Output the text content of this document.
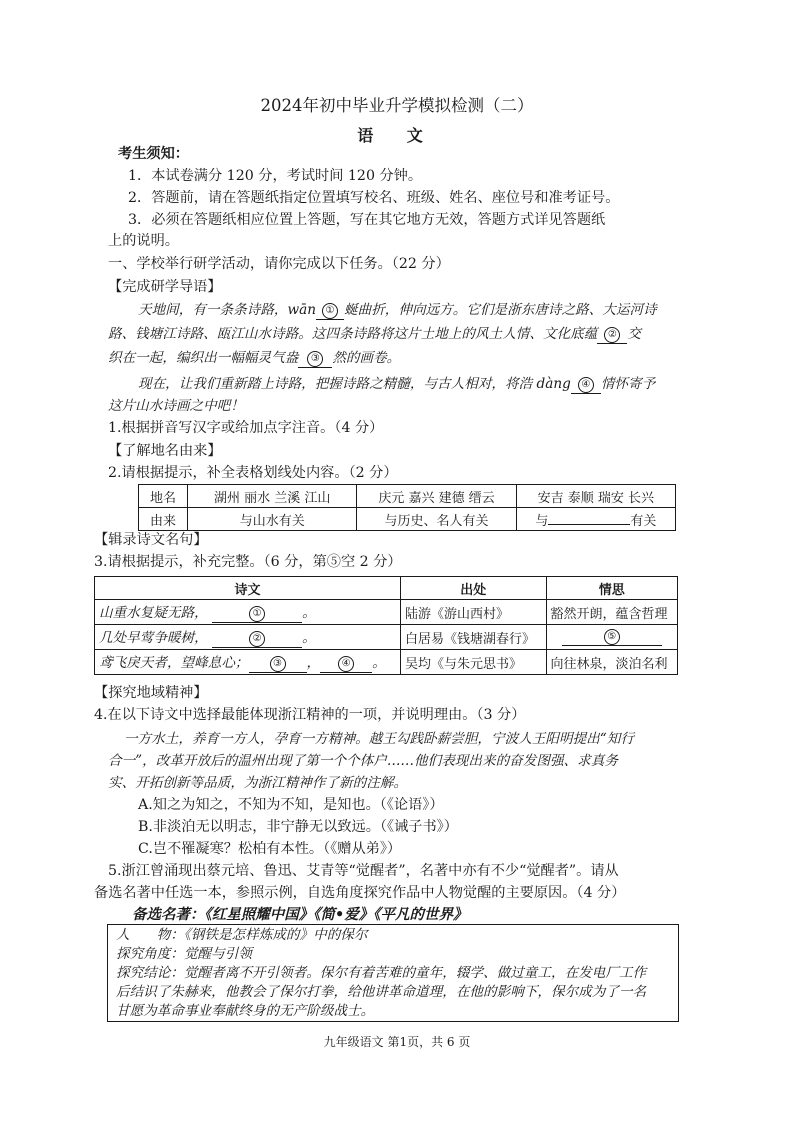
2024年初中毕业升学模拟检测（二）
语 文
考生须知：
1．本试卷满分 120 分，考试时间 120 分钟。
2．答题前，请在答题纸指定位置填写校名、班级、姓名、座位号和准考证号。
3．必须在答题纸相应位置上答题，写在其它地方无效，答题方式详见答题纸
上的说明。
一、学校举行研学活动，请你完成以下任务。（22 分）
【完成研学导语】
天地间，有一条条诗路，wān ① 蜒曲折，伸向远方。它们是浙东唐诗之路、大运河诗
路、钱塘江诗路、瓯江山水诗路。这四条诗路将这片土地上的风土人情、文化底蕴 ② 交
织在一起，编织出一幅幅灵气盎 ③ 然的画卷。
现在，让我们重新踏上诗路，把握诗路之精髓，与古人相对，将浩 dàng ④ 情怀寄予
这片山水诗画之中吧！
1.根据拼音写汉字或给加点字注音。（4 分）
【了解地名由来】
2.请根据提示，补全表格划线处内容。（2 分）
地名	湖州 丽水 兰溪 江山	庆元 嘉兴 建德 缙云	安吉 泰顺 瑞安 长兴
由来	与山水有关	与历史、名人有关	与 有关
【辑录诗文名句】
3.请根据提示，补充完整。（6 分，第⑤空 2 分）
诗文	出处	情思
山重水复疑无路， ① 。	陆游《游山西村》	豁然开朗，蕴含哲理
几处早莺争暖树， ② 。	白居易《钱塘湖春行》	⑤
鸢飞戾天者，望峰息心； ③ ， ④ 。	吴均《与朱元思书》	向往林泉，淡泊名利
【探究地域精神】
4.在以下诗文中选择最能体现浙江精神的一项，并说明理由。（3 分）
一方水土，养育一方人，孕育一方精神。越王勾践卧薪尝胆，宁波人王阳明提出“知行
合一”，改革开放后的温州出现了第一个个体户……他们表现出来的奋发图强、求真务
实、开拓创新等品质，为浙江精神作了新的注解。
A.知之为知之，不知为不知，是知也。（《论语》）
B.非淡泊无以明志，非宁静无以致远。（《诫子书》）
C.岂不罹凝寒？松柏有本性。（《赠从弟》）
5.浙江曾涌现出蔡元培、鲁迅、艾青等“觉醒者”，名著中亦有不少“觉醒者”。请从
备选名著中任选一本，参照示例，自选角度探究作品中人物觉醒的主要原因。（4 分）
备选名著：《红星照耀中国》《简•爱》《平凡的世界》
人　　物：《钢铁是怎样炼成的》中的保尔
探究角度：觉醒与引领
探究结论：觉醒者离不开引领者。保尔有着苦难的童年，辍学、做过童工，在发电厂工作
后结识了朱赫来，他教会了保尔打拳，给他讲革命道理，在他的影响下，保尔成为了一名
甘愿为革命事业奉献终身的无产阶级战士。
九年级语文 第1页，共 6 页
